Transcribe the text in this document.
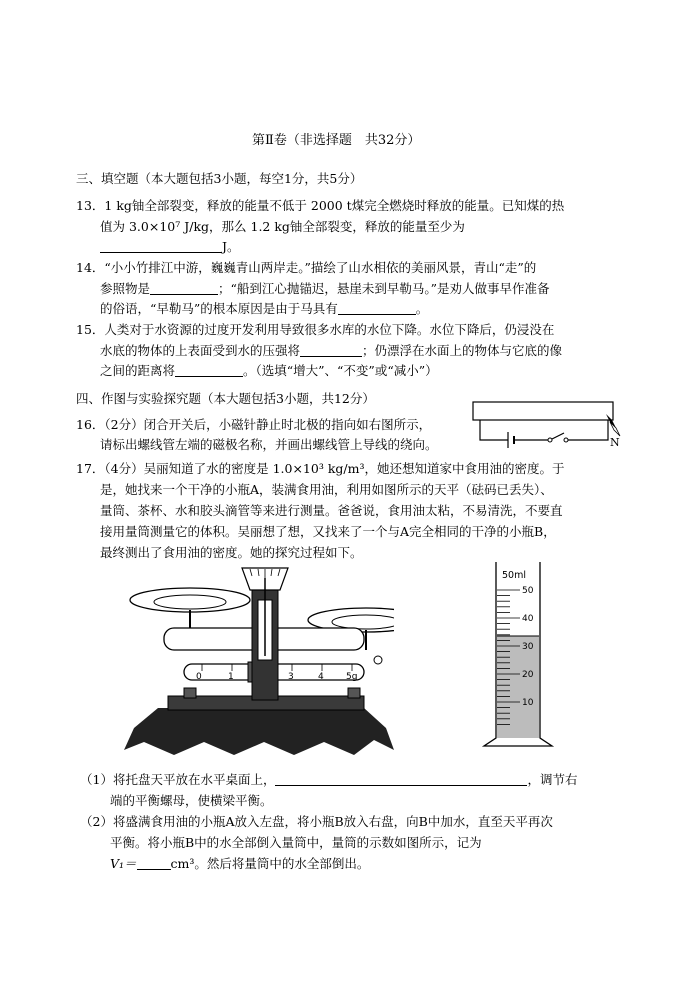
第Ⅱ卷（非选择题　共32分）
三、填空题（本大题包括3小题，每空1分，共5分）
13．1 kg铀全部裂变，释放的能量不低于 2000 t煤完全燃烧时释放的能量。已知煤的热
值为 3.0×10⁷ J/kg，那么 1.2 kg铀全部裂变，释放的能量至少为
J。
14．“小小竹排江中游，巍巍青山两岸走。”描绘了山水相依的美丽风景，青山“走”的
参照物是	；“船到江心抛锚迟，悬崖未到早勒马。”是劝人做事早作准备
的俗语，“早勒马”的根本原因是由于马具有	。
15．人类对于水资源的过度开发利用导致很多水库的水位下降。水位下降后，仍浸没在
水底的物体的上表面受到水的压强将	；仍漂浮在水面上的物体与它底的像
之间的距离将	。（选填“增大”、“不变”或“减小”）
四、作图与实验探究题（本大题包括3小题，共12分）
16．（2分）闭合开关后，小磁针静止时北极的指向如右图所示，
请标出螺线管左端的磁极名称，并画出螺线管上导线的绕向。	N
17．（4分）吴丽知道了水的密度是 1.0×10³ kg/m³，她还想知道家中食用油的密度。于
是，她找来一个干净的小瓶A，装满食用油，利用如图所示的天平（砝码已丢失）、
量筒、茶杯、水和胶头滴管等来进行测量。爸爸说，食用油太粘，不易清洗，不要直
接用量筒测量它的体积。吴丽想了想，又找来了一个与A完全相同的干净的小瓶B，
最终测出了食用油的密度。她的探究过程如下。
0	1	3	4 5g
50ml
50
40
30
20
10
（1）将托盘天平放在水平桌面上，	，调节右
端的平衡螺母，使横梁平衡。
（2）将盛满食用油的小瓶A放入左盘，将小瓶B放入右盘，向B中加水，直至天平再次
平衡。将小瓶B中的水全部倒入量筒中，量筒的示数如图所示，记为
V₁＝	cm³。然后将量筒中的水全部倒出。
